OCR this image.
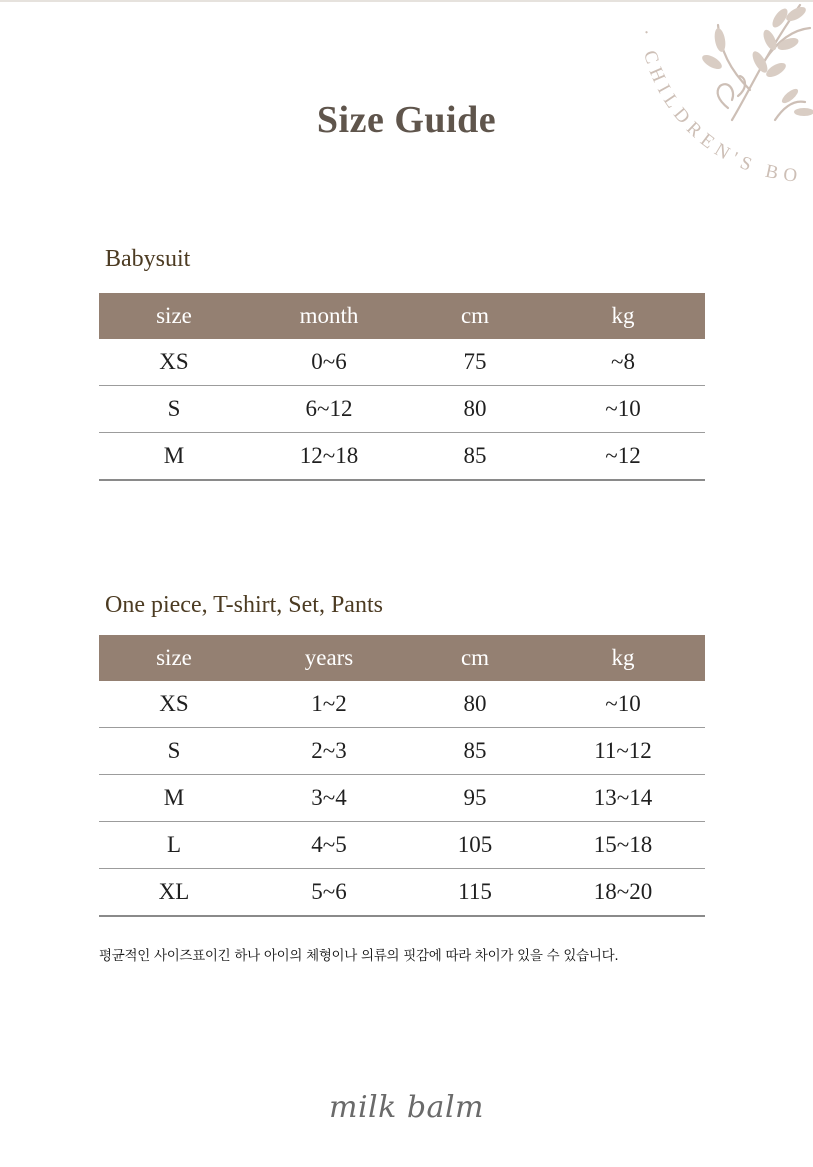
· CHILDREN'S BO
Size Guide
Babysuit
size	month	cm	kg
XS	0~6	75	~8
S	6~12	80	~10
M	12~18	85	~12
One piece, T-shirt, Set, Pants
size	years	cm	kg
XS	1~2	80	~10
S	2~3	85	11~12
M	3~4	95	13~14
L	4~5	105	15~18
XL	5~6	115	18~20
평균적인 사이즈표이긴 하나 아이의 체형이나 의류의 핏감에 따라 차이가 있을 수 있습니다.
milk balm
